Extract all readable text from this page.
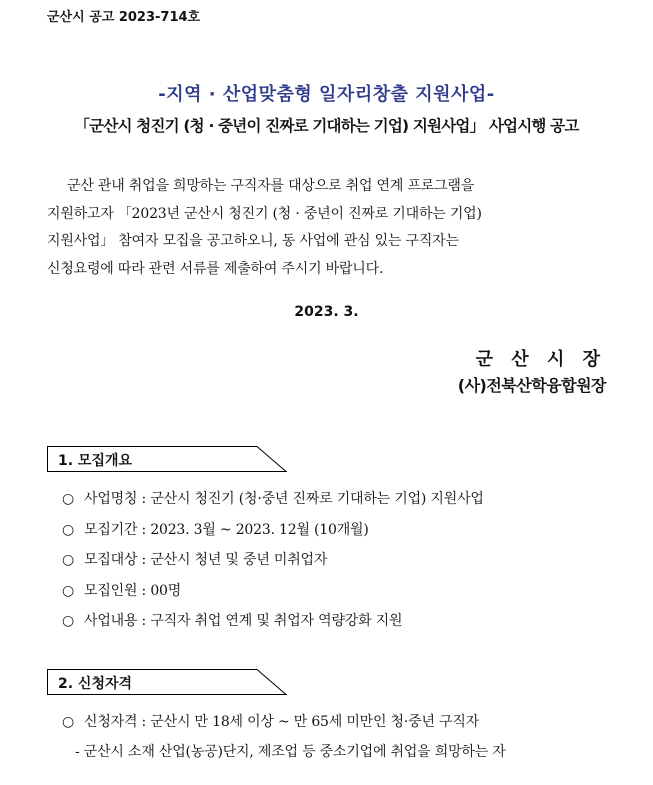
군산시 공고 2023-714호
-지역 · 산업맞춤형 일자리창출 지원사업-
「군산시 청진기 (청 · 중년이 진짜로 기대하는 기업) 지원사업」 사업시행 공고
군산 관내 취업을 희망하는 구직자를 대상으로 취업 연계 프로그램을
지원하고자 「2023년 군산시 청진기 (청 · 중년이 진짜로 기대하는 기업)
지원사업」 참여자 모집을 공고하오니, 동 사업에 관심 있는 구직자는
신청요령에 따라 관련 서류를 제출하여 주시기 바랍니다.
2023. 3.
군 산 시 장
(사)전북산학융합원장
1. 모집개요
○ 사업명칭 : 군산시 청진기 (청·중년 진짜로 기대하는 기업) 지원사업
○ 모집기간 : 2023. 3월 ~ 2023. 12월 (10개월)
○ 모집대상 : 군산시 청년 및 중년 미취업자
○ 모집인원 : 00명
○ 사업내용 : 구직자 취업 연계 및 취업자 역량강화 지원
2. 신청자격
○ 신청자격 : 군산시 만 18세 이상 ~ 만 65세 미만인 청·중년 구직자
- 군산시 소재 산업(농공)단지, 제조업 등 중소기업에 취업을 희망하는 자
